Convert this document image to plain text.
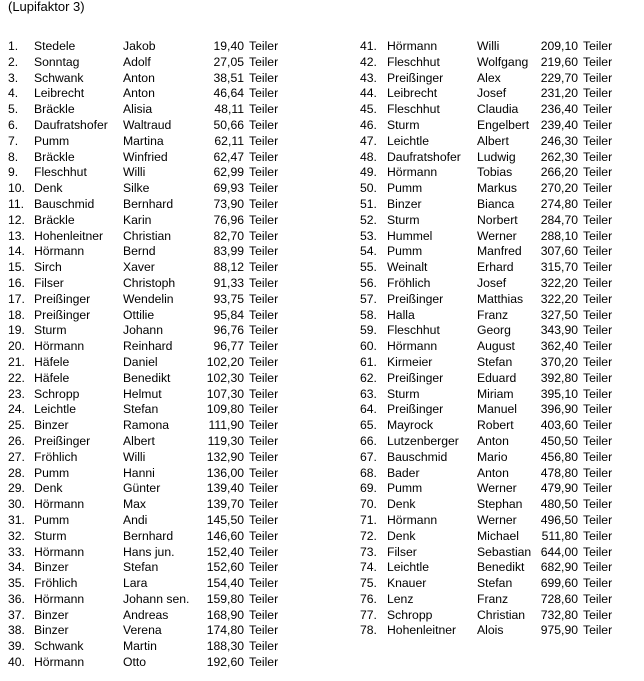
(Lupifaktor 3)
1. Stedele	Jakob	19,40 Teiler
2. Sonntag	Adolf	27,05 Teiler
3. Schwank	Anton	38,51 Teiler
4. Leibrecht	Anton	46,64 Teiler
5. Bräckle	Alisia	48,11 Teiler
6. Daufratshofer Waltraud	50,66 Teiler
7. Pumm	Martina	62,11 Teiler
8. Bräckle	Winfried	62,47 Teiler
9. Fleschhut	Willi	62,99 Teiler
10. Denk	Silke	69,93 Teiler
11. Bauschmid Bernhard	73,90 Teiler
12. Bräckle	Karin	76,96 Teiler
13. Hohenleitner Christian	82,70 Teiler
14. Hörmann	Bernd	83,99 Teiler
15. Sirch	Xaver	88,12 Teiler
16. Filser	Christoph	91,33 Teiler
17. Preißinger	Wendelin	93,75 Teiler
18. Preißinger	Ottilie	95,84 Teiler
19. Sturm	Johann	96,76 Teiler
20. Hörmann	Reinhard	96,77 Teiler
21. Häfele	Daniel	102,20 Teiler
22. Häfele	Benedikt	102,30 Teiler
23. Schropp	Helmut	107,30 Teiler
24. Leichtle	Stefan	109,80 Teiler
25. Binzer	Ramona	111,90 Teiler
26. Preißinger	Albert	119,30 Teiler
27. Fröhlich	Willi	132,90 Teiler
28. Pumm	Hanni	136,00 Teiler
29. Denk	Günter	139,40 Teiler
30. Hörmann	Max	139,70 Teiler
31. Pumm	Andi	145,50 Teiler
32. Sturm	Bernhard	146,60 Teiler
33. Hörmann	Hans jun.	152,40 Teiler
34. Binzer	Stefan	152,60 Teiler
35. Fröhlich	Lara	154,40 Teiler
36. Hörmann	Johann sen.	159,80 Teiler
37. Binzer	Andreas	168,90 Teiler
38. Binzer	Verena	174,80 Teiler
39. Schwank	Martin	188,30 Teiler
40. Hörmann	Otto	192,60 Teiler
41. Hörmann	Willi	209,10 Teiler
42. Fleschhut	Wolfgang	219,60 Teiler
43. Preißinger	Alex	229,70 Teiler
44. Leibrecht	Josef	231,20 Teiler
45. Fleschhut	Claudia	236,40 Teiler
46. Sturm	Engelbert 239,40 Teiler
47. Leichtle	Albert	246,30 Teiler
48. Daufratshofer Ludwig	262,30 Teiler
49. Hörmann	Tobias	266,20 Teiler
50. Pumm	Markus	270,20 Teiler
51. Binzer	Bianca	274,80 Teiler
52. Sturm	Norbert	284,70 Teiler
53. Hummel	Werner	288,10 Teiler
54. Pumm	Manfred	307,60 Teiler
55. Weinalt	Erhard	315,70 Teiler
56. Fröhlich	Josef	322,20 Teiler
57. Preißinger	Matthias	322,20 Teiler
58. Halla	Franz	327,50 Teiler
59. Fleschhut	Georg	343,90 Teiler
60. Hörmann	August	362,40 Teiler
61. Kirmeier	Stefan	370,20 Teiler
62. Preißinger	Eduard	392,80 Teiler
63. Sturm	Miriam	395,10 Teiler
64. Preißinger	Manuel	396,90 Teiler
65. Mayrock	Robert	403,60 Teiler
66. Lutzenberger Anton	450,50 Teiler
67. Bauschmid Mario	456,80 Teiler
68. Bader	Anton	478,80 Teiler
69. Pumm	Werner	479,90 Teiler
70. Denk	Stephan	480,50 Teiler
71. Hörmann	Werner	496,50 Teiler
72. Denk	Michael	511,80 Teiler
73. Filser	Sebastian 644,00 Teiler
74. Leichtle	Benedikt	682,90 Teiler
75. Knauer	Stefan	699,60 Teiler
76. Lenz	Franz	728,60 Teiler
77. Schropp	Christian	732,80 Teiler
78. Hohenleitner Alois	975,90 Teiler
